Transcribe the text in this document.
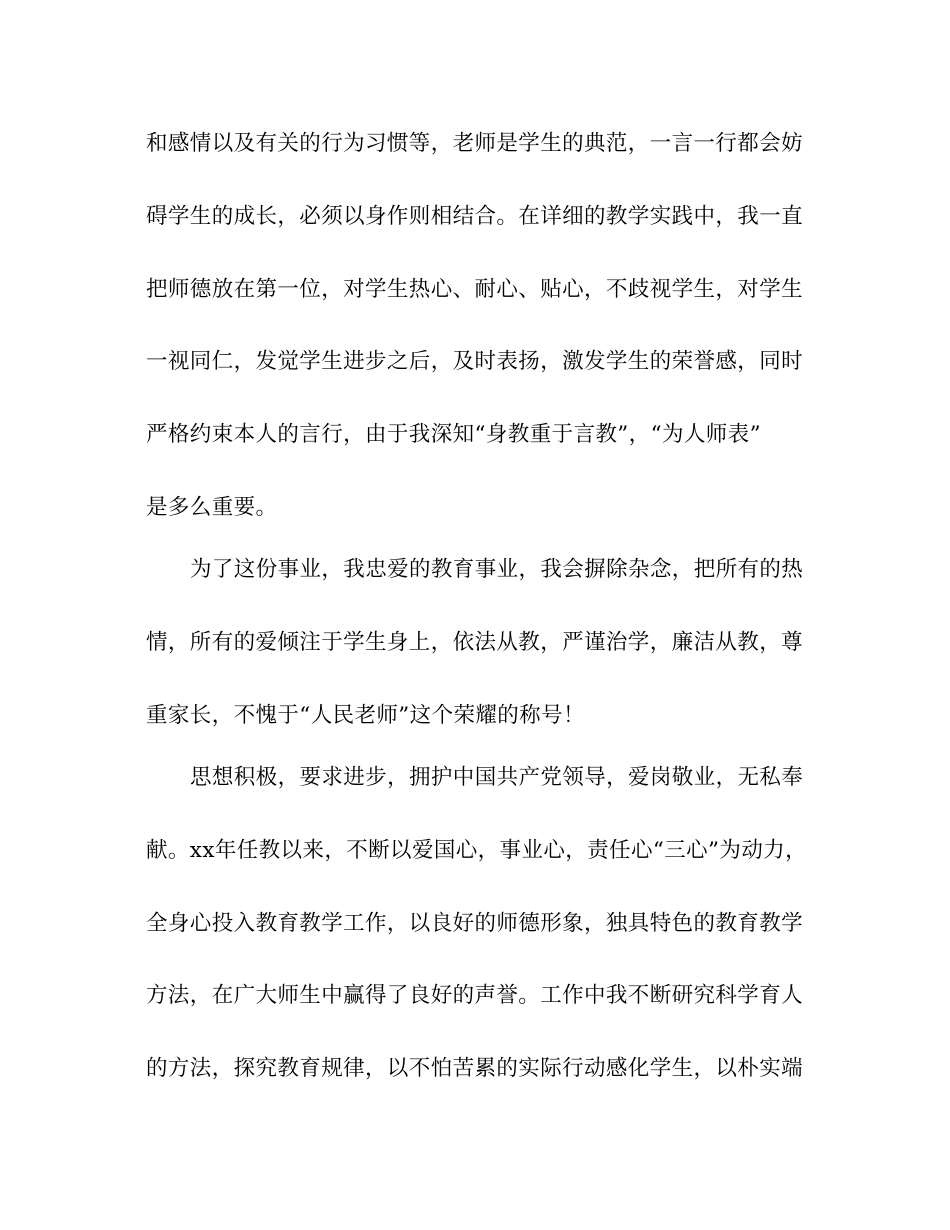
和感情以及有关的行为习惯等，老师是学生的典范，一言一行都会妨
碍学生的成长，必须以身作则相结合。在详细的教学实践中，我一直
把师德放在第一位，对学生热心、耐心、贴心，不歧视学生，对学生
一视同仁，发觉学生进步之后，及时表扬，激发学生的荣誉感，同时
严格约束本人的言行，由于我深知“身教重于言教”，“为人师表”
是多么重要。
为了这份事业，我忠爱的教育事业，我会摒除杂念，把所有的热
情，所有的爱倾注于学生身上，依法从教，严谨治学，廉洁从教，尊
重家长，不愧于“人民老师”这个荣耀的称号！
思想积极，要求进步，拥护中国共产党领导，爱岗敬业，无私奉
献。xx年任教以来，不断以爱国心，事业心，责任心“三心”为动力，
全身心投入教育教学工作，以良好的师德形象，独具特色的教育教学
方法，在广大师生中赢得了良好的声誉。工作中我不断研究科学育人
的方法，探究教育规律，以不怕苦累的实际行动感化学生，以朴实端
